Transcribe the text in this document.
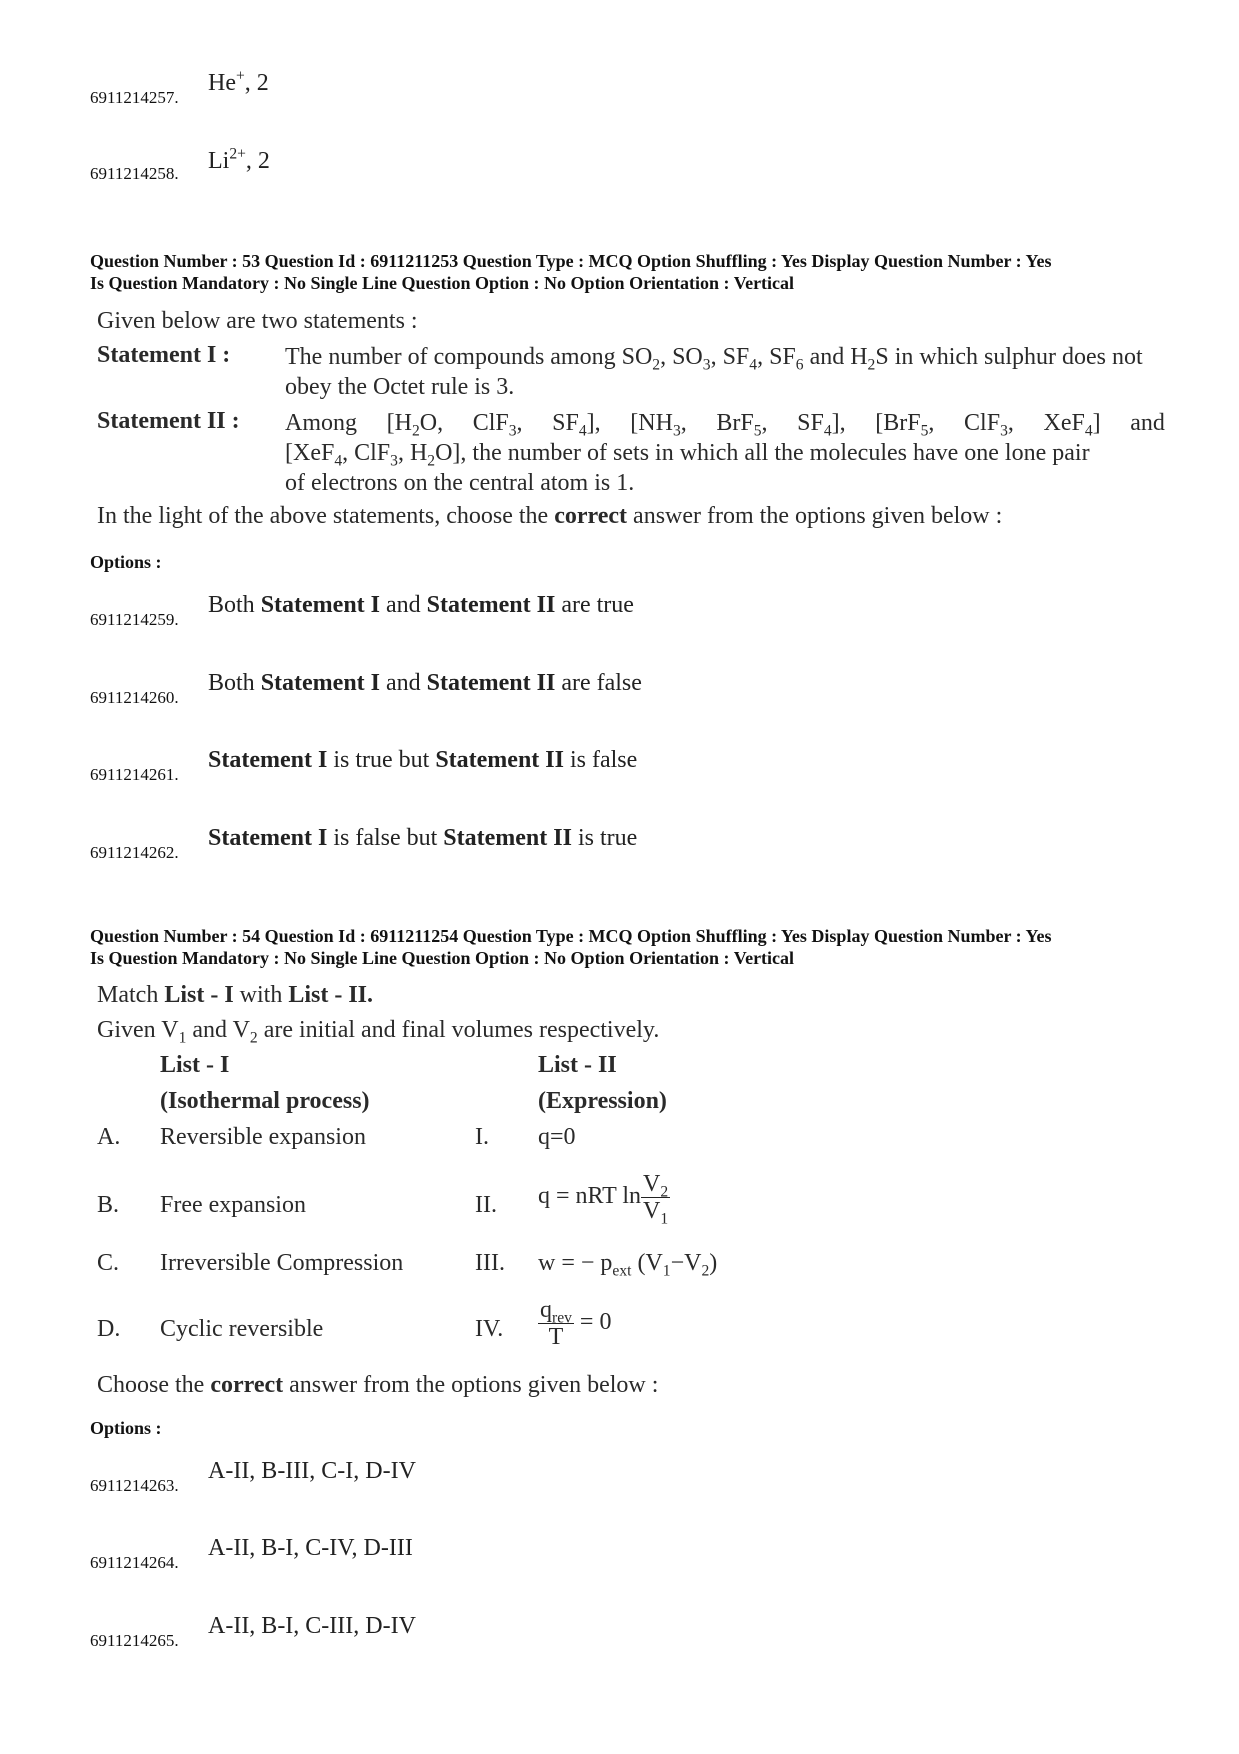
6911214257.
He+, 2
6911214258. $Li^{2+}$, 2
Question Number : 53 Question Id : 6911211253 Question Type : MCQ Option Shuffling : Yes Display Question Number : Yes
Is Question Mandatory : No Single Line Question Option : No Option Orientation : Vertical
Given below are two statements :
Statement I : The number of compounds among $SO_2$, $SO_3$, $SF_4$, $SF_6$ and $H_2S$ in which sulphur does not obey the Octet rule is 3.
Statement II : Among [$H_2O$, ClF$_3$, $SF_4$], [$NH_3$, BrF$_5$, $SF_4$], [BrF$_5$, ClF$_3$, XeF$_4$] and
[XeF$_4$, ClF$_3$, $H_2O$], the number of sets in which all the molecules have one lone pair
of electrons on the central atom is 1.
In the light of the above statements, choose the correct answer from the options given below :
Options :
6911214259.
Both Statement I and Statement II are true
6911214260.
Both Statement I and Statement II are false
6911214261.
Statement I is true but Statement II is false
6911214262.
Statement I is false but Statement II is true
Question Number : 54 Question Id : 6911211254 Question Type : MCQ Option Shuffling : Yes Display Question Number : Yes
Is Question Mandatory : No Single Line Question Option : No Option Orientation : Vertical
Match List - I with List - II.
Given $V_1$ and $V_2$ are initial and final volumes respectively.
List - I	List - II
(Isothermal process)	(Expression)
A. Reversible expansion	I. q=0
B. Free expansion	II. q = nRT $\ln \frac{V_2}{V_1}$
C. Irreversible Compression	III. w = − $p_{ext}$ $(V_1-V_2)$
D. Cyclic reversible	IV. $\frac{q_{rev}}{T} = 0$
Choose the correct answer from the options given below :
Options :
6911214263.
A-II, B-III, C-I, D-IV
6911214264.
A-II, B-I, C-IV, D-III
6911214265.
A-II, B-I, C-III, D-IV
